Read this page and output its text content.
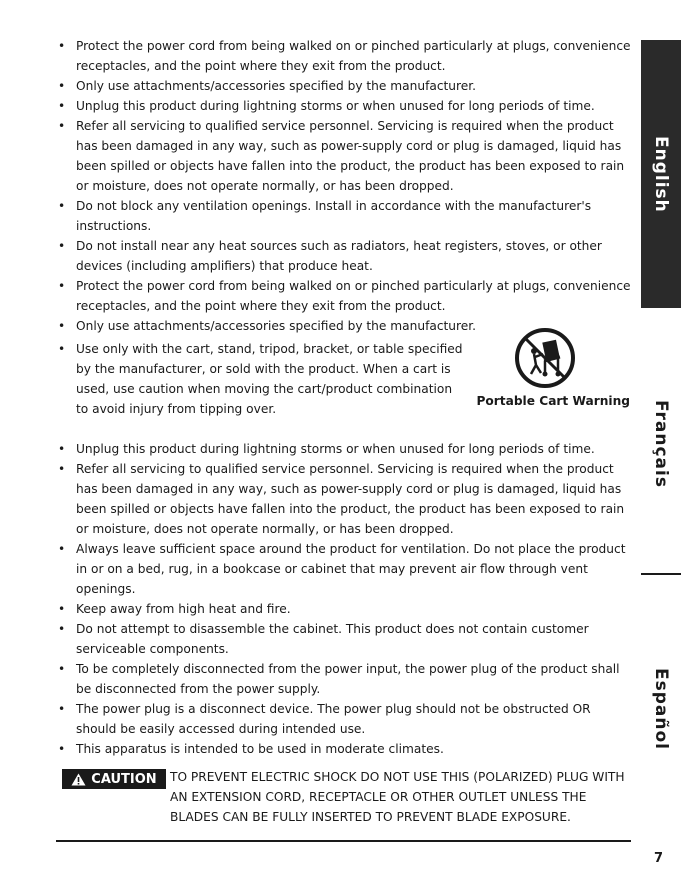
• Protect the power cord from being walked on or pinched particularly at plugs, convenience receptacles, and the point where they exit from the product.
• Only use attachments/accessories specified by the manufacturer.
• Unplug this product during lightning storms or when unused for long periods of time.
• Refer all servicing to qualified service personnel. Servicing is required when the product has been damaged in any way, such as power-supply cord or plug is damaged, liquid has been spilled or objects have fallen into the product, the product has been exposed to rain or moisture, does not operate normally, or has been dropped.
• Do not block any ventilation openings. Install in accordance with the manufacturer's instructions.
• Do not install near any heat sources such as radiators, heat registers, stoves, or other devices (including amplifiers) that produce heat.
• Protect the power cord from being walked on or pinched particularly at plugs, convenience receptacles, and the point where they exit from the product.
• Only use attachments/accessories specified by the manufacturer.
• Use only with the cart, stand, tripod, bracket, or table specified by the manufacturer, or sold with the product. When a cart is used, use caution when moving the cart/product combination to avoid injury from tipping over.
Portable Cart Warning
• Unplug this product during lightning storms or when unused for long periods of time.
• Refer all servicing to qualified service personnel. Servicing is required when the product has been damaged in any way, such as power-supply cord or plug is damaged, liquid has been spilled or objects have fallen into the product, the product has been exposed to rain or moisture, does not operate normally, or has been dropped.
• Always leave sufficient space around the product for ventilation. Do not place the product in or on a bed, rug, in a bookcase or cabinet that may prevent air flow through vent openings.
• Keep away from high heat and fire.
• Do not attempt to disassemble the cabinet. This product does not contain customer serviceable components.
• To be completely disconnected from the power input, the power plug of the product shall be disconnected from the power supply.
• The power plug is a disconnect device. The power plug should not be obstructed OR should be easily accessed during intended use.
• This apparatus is intended to be used in moderate climates.
CAUTION TO PREVENT ELECTRIC SHOCK DO NOT USE THIS (POLARIZED) PLUG WITH AN EXTENSION CORD, RECEPTACLE OR OTHER OUTLET UNLESS THE BLADES CAN BE FULLY INSERTED TO PREVENT BLADE EXPOSURE.
7
English
Français
Español
